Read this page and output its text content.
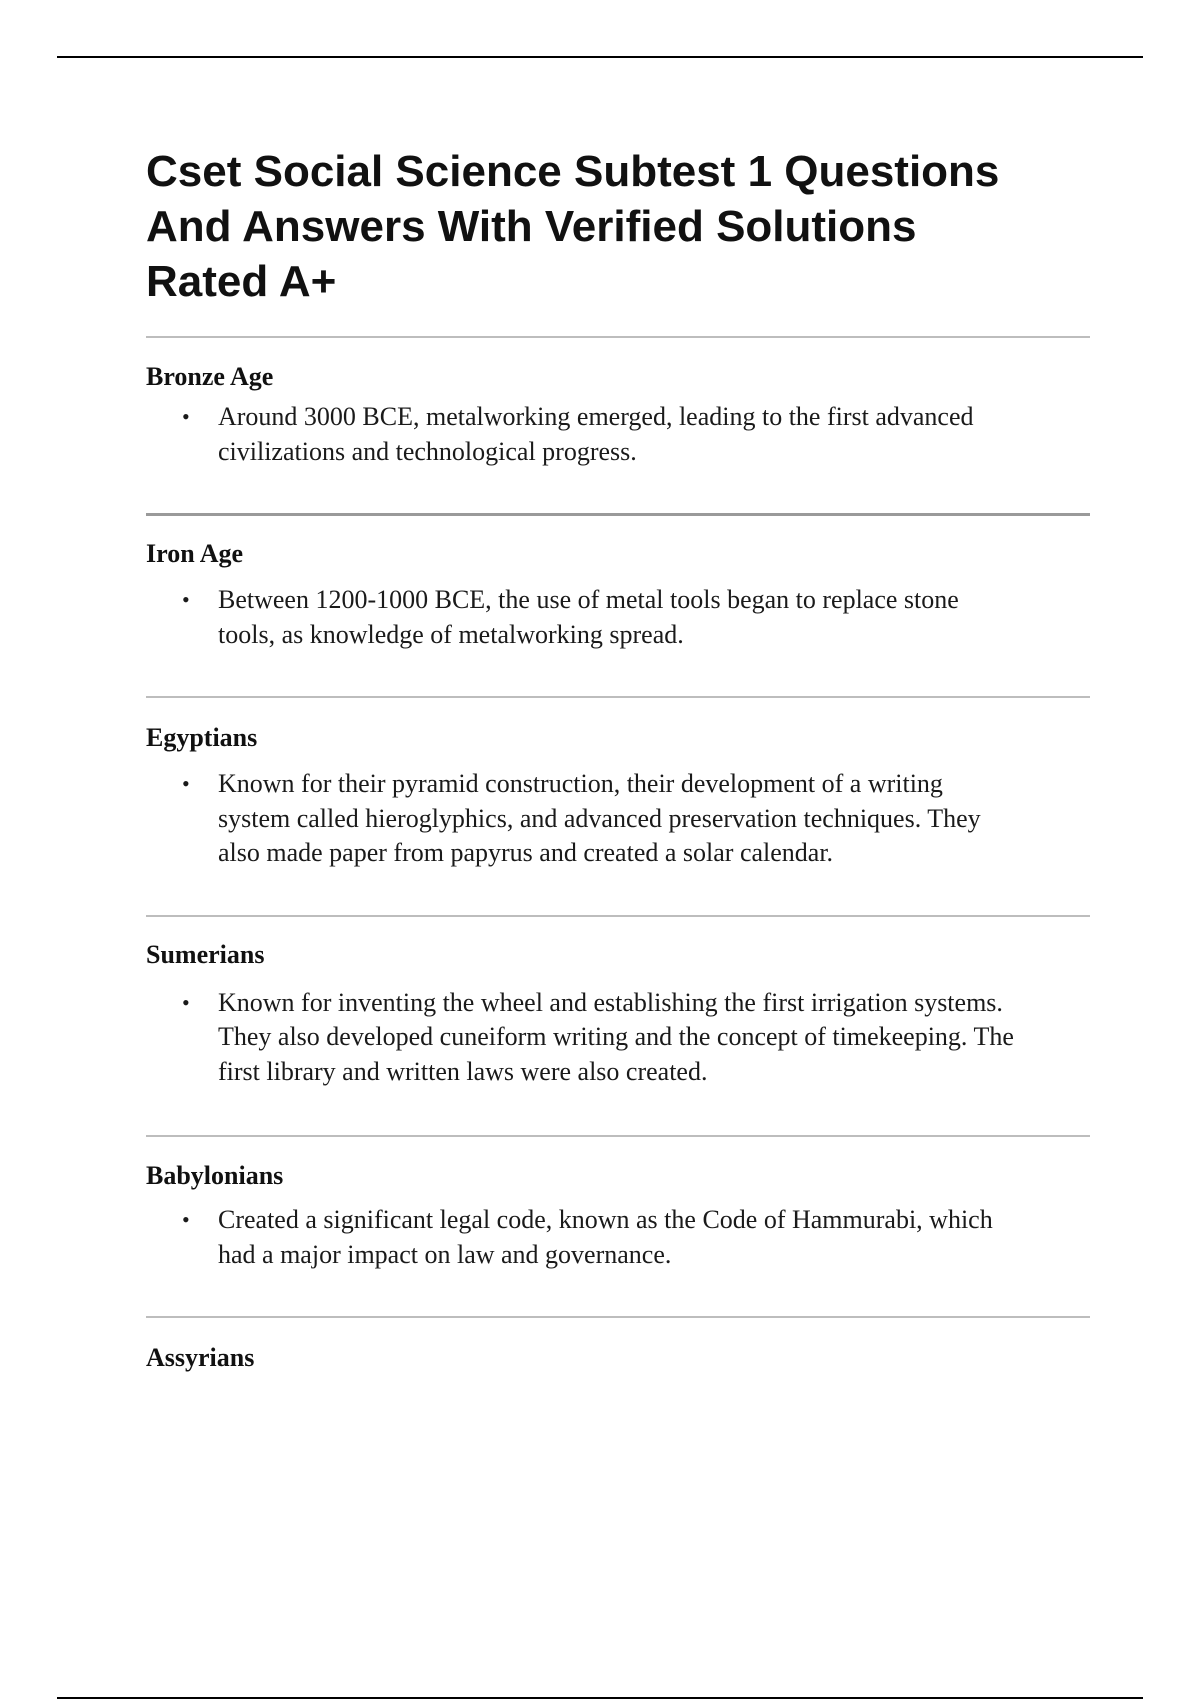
Cset Social Science Subtest 1 Questions
And Answers With Verified Solutions
Rated A+
Bronze Age
• Around 3000 BCE, metalworking emerged, leading to the first advanced
civilizations and technological progress.
Iron Age
• Between 1200-1000 BCE, the use of metal tools began to replace stone
tools, as knowledge of metalworking spread.
Egyptians
• Known for their pyramid construction, their development of a writing
system called hieroglyphics, and advanced preservation techniques. They
also made paper from papyrus and created a solar calendar.
Sumerians
• Known for inventing the wheel and establishing the first irrigation systems.
They also developed cuneiform writing and the concept of timekeeping. The
first library and written laws were also created.
Babylonians
• Created a significant legal code, known as the Code of Hammurabi, which
had a major impact on law and governance.
Assyrians
